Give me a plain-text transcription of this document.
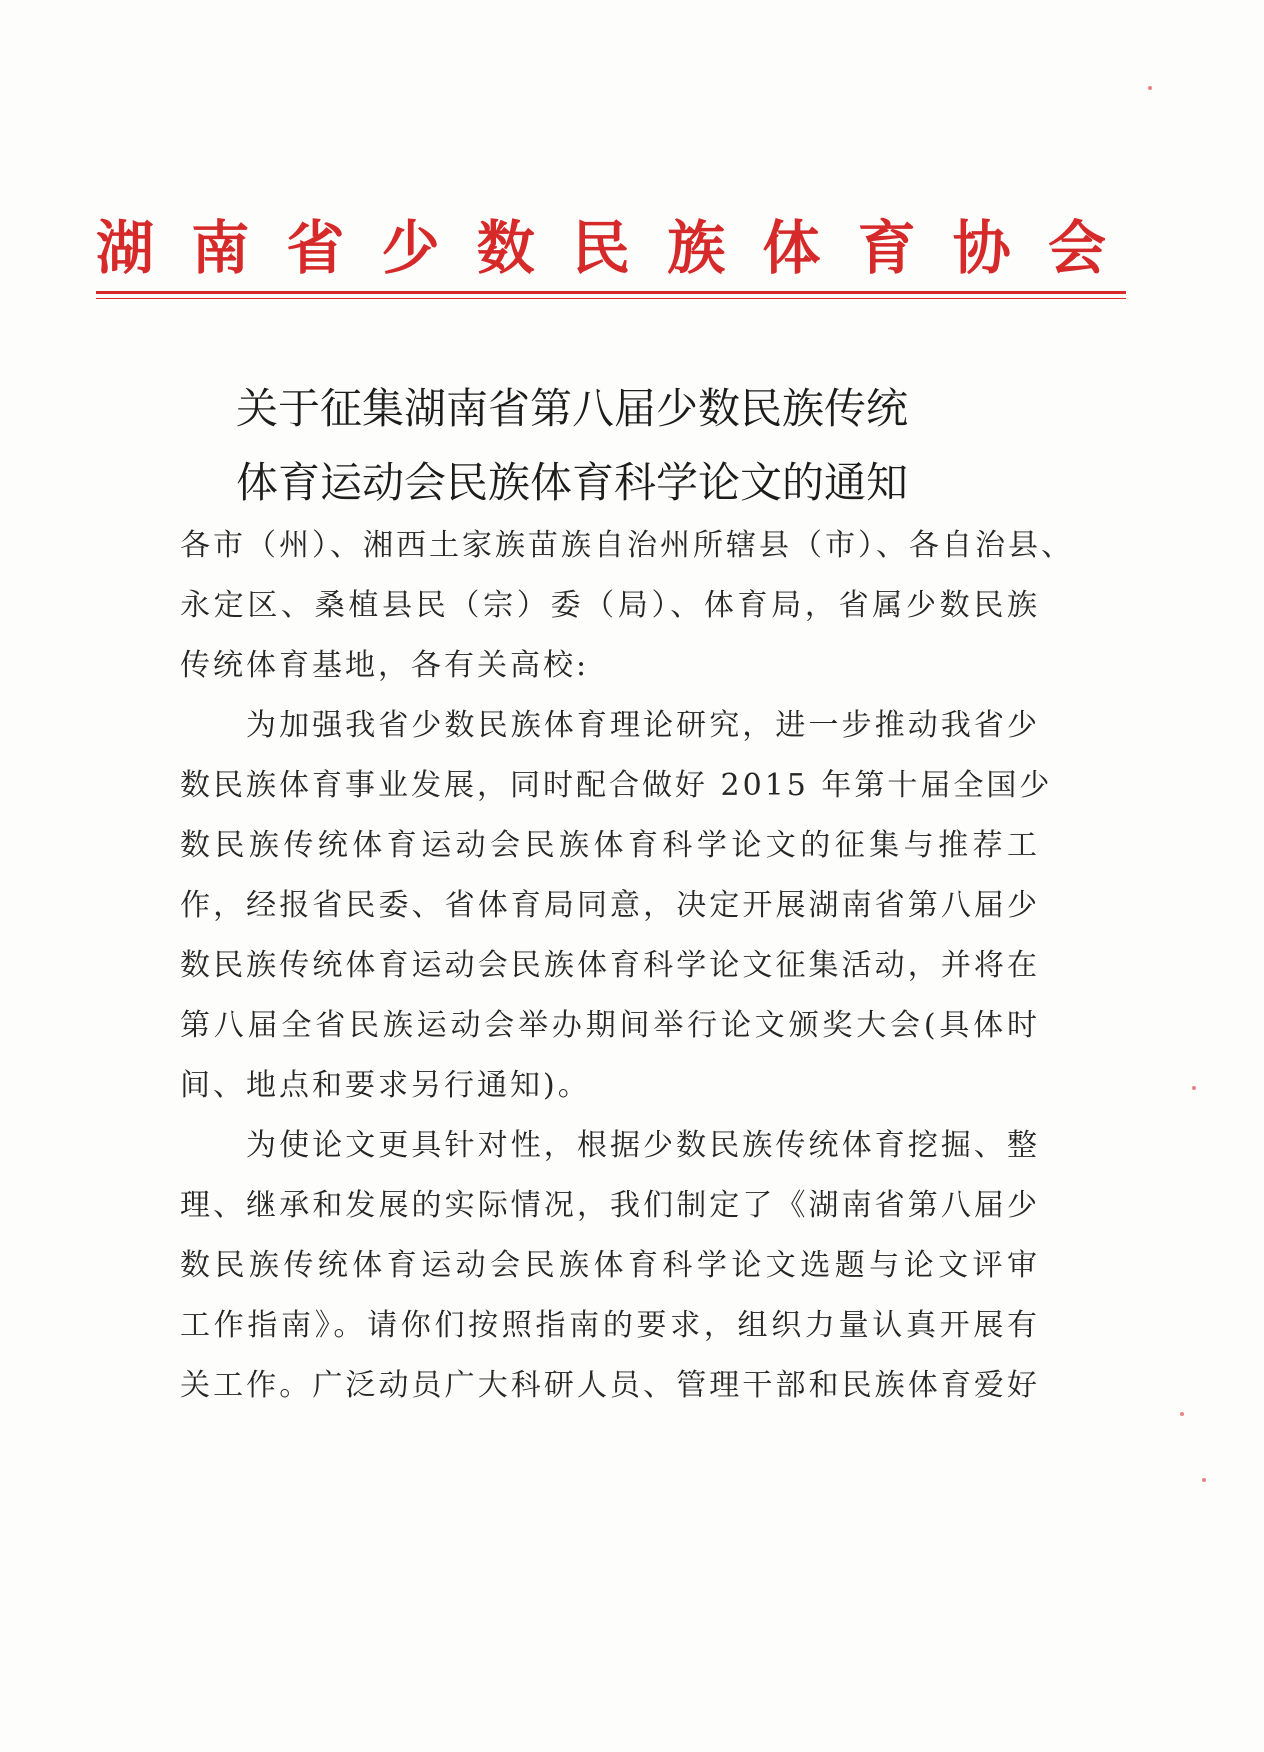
湖南省少数民族体育协会
关于征集湖南省第八届少数民族传统
体育运动会民族体育科学论文的通知
各市（州）、湘西土家族苗族自治州所辖县（市）、各自治县、
永定区、桑植县民（宗）委（局）、体育局，省属少数民族
传统体育基地，各有关高校:
为加强我省少数民族体育理论研究，进一步推动我省少
数民族体育事业发展，同时配合做好 2015 年第十届全国少
数民族传统体育运动会民族体育科学论文的征集与推荐工
作，经报省民委、省体育局同意，决定开展湖南省第八届少
数民族传统体育运动会民族体育科学论文征集活动，并将在
第八届全省民族运动会举办期间举行论文颁奖大会(具体时
间、地点和要求另行通知)。
为使论文更具针对性，根据少数民族传统体育挖掘、整
理、继承和发展的实际情况，我们制定了《湖南省第八届少
数民族传统体育运动会民族体育科学论文选题与论文评审
工作指南》。请你们按照指南的要求，组织力量认真开展有
关工作。广泛动员广大科研人员、管理干部和民族体育爱好
